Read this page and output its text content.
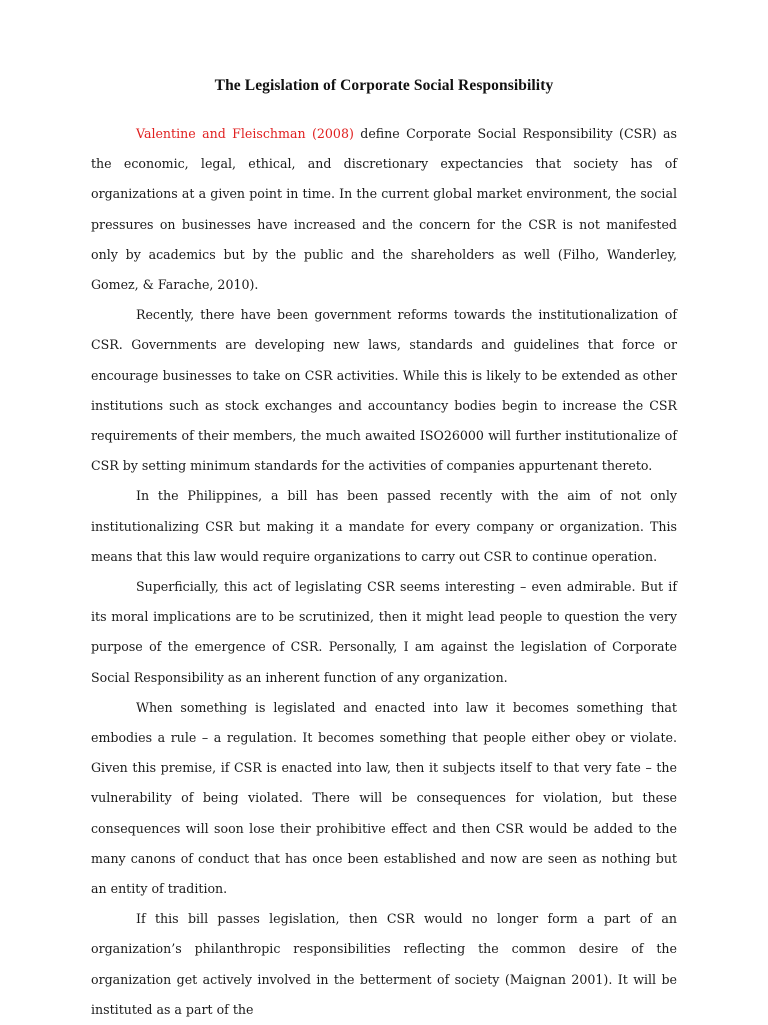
The Legislation of Corporate Social Responsibility

Valentine and Fleischman (2008) define Corporate Social Responsibility (CSR) as the economic, legal, ethical, and discretionary expectancies that society has of organizations at a given point in time. In the current global market environment, the social pressures on businesses have increased and the concern for the CSR is not manifested only by academics but by the public and the shareholders as well (Filho, Wanderley, Gomez, & Farache, 2010).

Recently, there have been government reforms towards the institutionalization of CSR. Governments are developing new laws, standards and guidelines that force or encourage businesses to take on CSR activities. While this is likely to be extended as other institutions such as stock exchanges and accountancy bodies begin to increase the CSR requirements of their members, the much awaited ISO26000 will further institutionalize of CSR by setting minimum standards for the activities of companies appurtenant thereto.

In the Philippines, a bill has been passed recently with the aim of not only institutionalizing CSR but making it a mandate for every company or organization. This means that this law would require organizations to carry out CSR to continue operation.

Superficially, this act of legislating CSR seems interesting – even admirable. But if its moral implications are to be scrutinized, then it might lead people to question the very purpose of the emergence of CSR. Personally, I am against the legislation of Corporate Social Responsibility as an inherent function of any organization.

When something is legislated and enacted into law it becomes something that embodies a rule – a regulation. It becomes something that people either obey or violate. Given this premise, if CSR is enacted into law, then it subjects itself to that very fate – the vulnerability of being violated. There will be consequences for violation, but these consequences will soon lose their prohibitive effect and then CSR would be added to the many canons of conduct that has once been established and now are seen as nothing but an entity of tradition.

If this bill passes legislation, then CSR would no longer form a part of an organization’s philanthropic responsibilities reflecting the common desire of the organization get actively involved in the betterment of society (Maignan 2001). It will be instituted as a part of the
